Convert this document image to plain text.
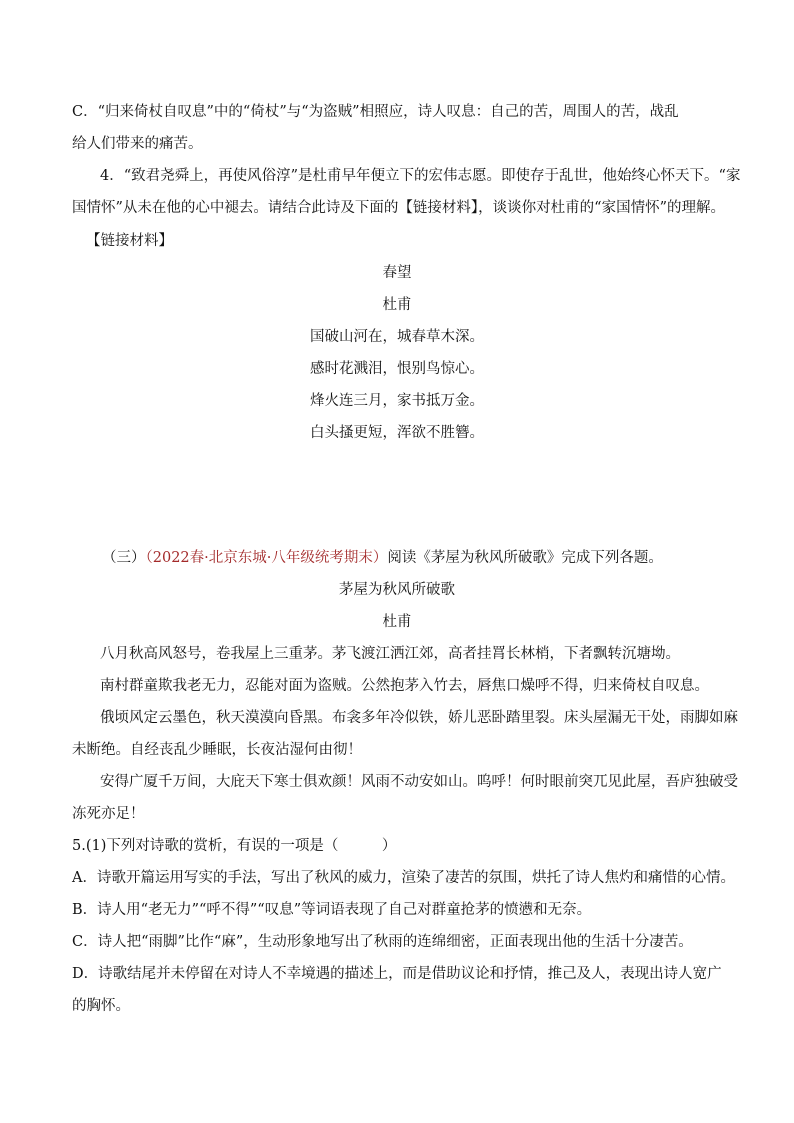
C．“归来倚杖自叹息”中的“倚杖”与“为盗贼”相照应，诗人叹息：自己的苦，周围人的苦，战乱
给人们带来的痛苦。
4．“致君尧舜上，再使风俗淳”是杜甫早年便立下的宏伟志愿。即使存于乱世，他始终心怀天下。“家
国情怀”从未在他的心中褪去。请结合此诗及下面的【链接材料】，谈谈你对杜甫的“家国情怀”的理解。
【链接材料】
春望
杜甫
国破山河在，城春草木深。
感时花溅泪，恨别鸟惊心。
烽火连三月，家书抵万金。
白头搔更短，浑欲不胜簪。
（三）（2022春·北京东城·八年级统考期末）阅读《茅屋为秋风所破歌》完成下列各题。
茅屋为秋风所破歌
杜甫
八月秋高风怒号，卷我屋上三重茅。茅飞渡江洒江郊，高者挂罥长林梢，下者飘转沉塘坳。
南村群童欺我老无力，忍能对面为盗贼。公然抱茅入竹去，唇焦口燥呼不得，归来倚杖自叹息。
俄顷风定云墨色，秋天漠漠向昏黑。布衾多年冷似铁，娇儿恶卧踏里裂。床头屋漏无干处，雨脚如麻
未断绝。自经丧乱少睡眠，长夜沾湿何由彻！
安得广厦千万间，大庇天下寒士俱欢颜！风雨不动安如山。呜呼！何时眼前突兀见此屋，吾庐独破受
冻死亦足！
5.(1)下列对诗歌的赏析，有误的一项是（　　　）
A．诗歌开篇运用写实的手法，写出了秋风的威力，渲染了凄苦的氛围，烘托了诗人焦灼和痛惜的心情。
B．诗人用“老无力”“呼不得”“叹息”等词语表现了自己对群童抢茅的愤懑和无奈。
C．诗人把“雨脚”比作“麻”，生动形象地写出了秋雨的连绵细密，正面表现出他的生活十分凄苦。
D．诗歌结尾并未停留在对诗人不幸境遇的描述上，而是借助议论和抒情，推己及人，表现出诗人宽广
的胸怀。
